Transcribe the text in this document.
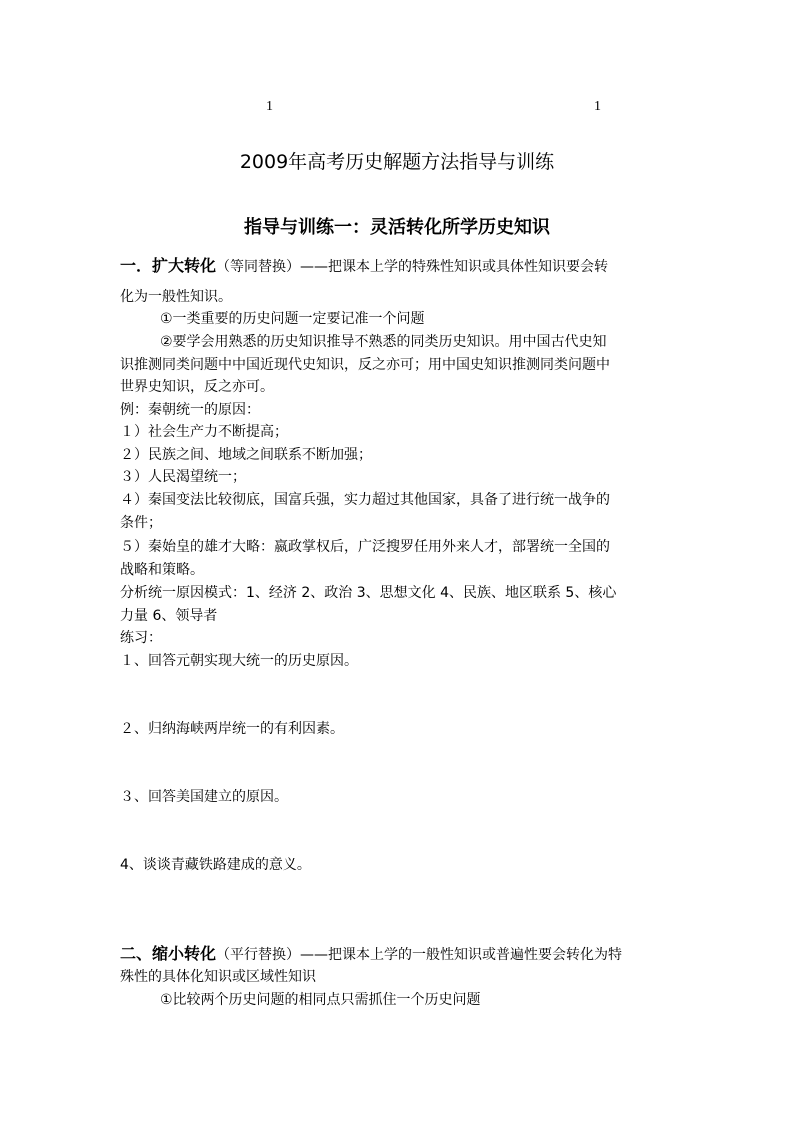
1	1
2009年高考历史解题方法指导与训练
指导与训练一：灵活转化所学历史知识
一．扩大转化（等同替换）——把课本上学的特殊性知识或具体性知识要会转
化为一般性知识。
①一类重要的历史问题一定要记准一个问题
②要学会用熟悉的历史知识推导不熟悉的同类历史知识。用中国古代史知
识推测同类问题中中国近现代史知识，反之亦可；用中国史知识推测同类问题中
世界史知识，反之亦可。
例：秦朝统一的原因：
１）社会生产力不断提高；
２）民族之间、地域之间联系不断加强；
３）人民渴望统一；
４）秦国变法比较彻底，国富兵强，实力超过其他国家，具备了进行统一战争的
条件；
５）秦始皇的雄才大略：嬴政掌权后，广泛搜罗任用外来人才，部署统一全国的
战略和策略。
分析统一原因模式：1、经济 2、政治 3、思想文化 4、民族、地区联系 5、核心
力量 6、领导者
练习：
１、回答元朝实现大统一的历史原因。
２、归纳海峡两岸统一的有利因素。
３、回答美国建立的原因。
4、谈谈青藏铁路建成的意义。
二、缩小转化（平行替换）——把课本上学的一般性知识或普遍性要会转化为特
殊性的具体化知识或区域性知识
①比较两个历史问题的相同点只需抓住一个历史问题
